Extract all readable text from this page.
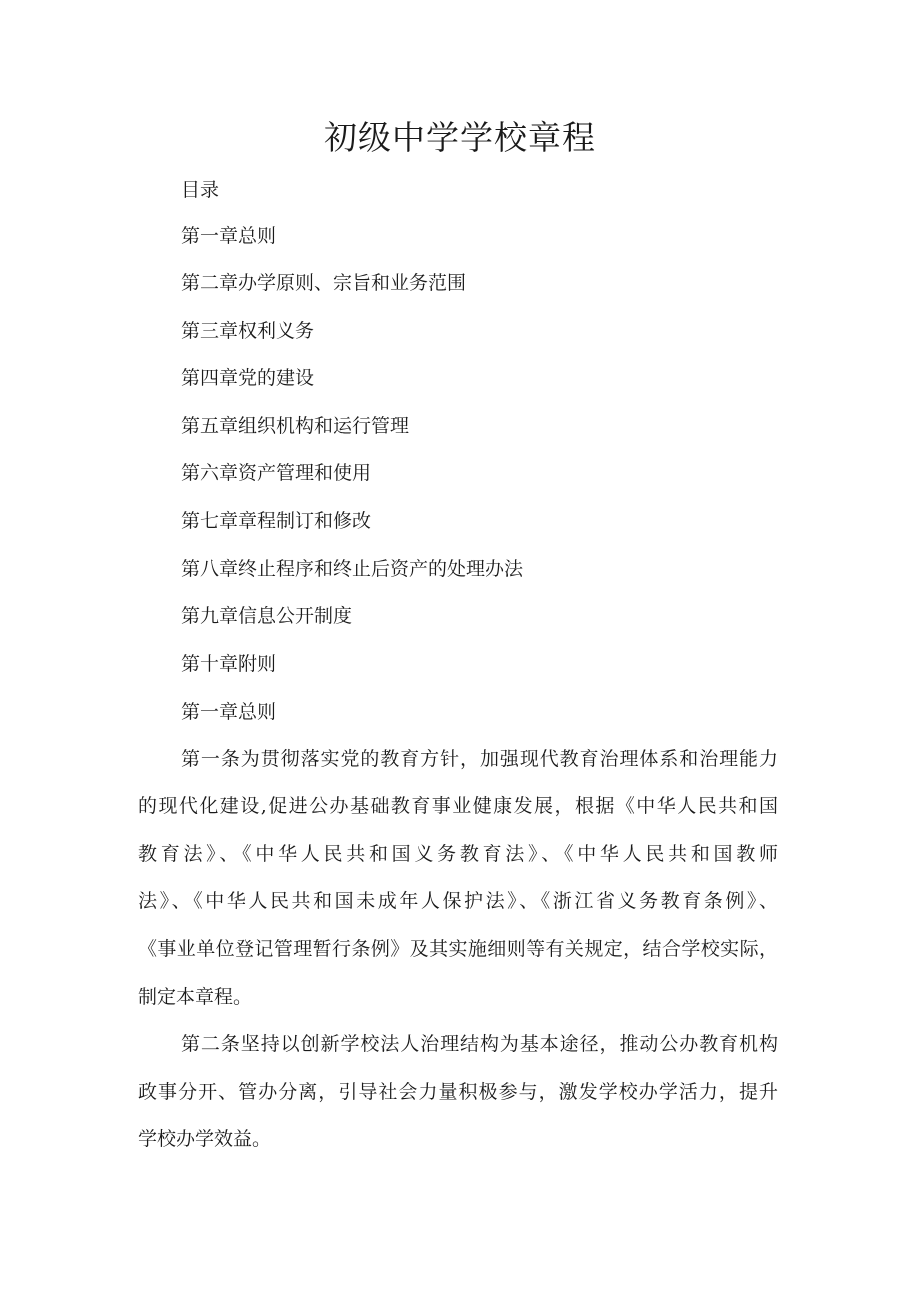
初级中学学校章程

目录

第一章总则

第二章办学原则、宗旨和业务范围

第三章权利义务

第四章党的建设

第五章组织机构和运行管理

第六章资产管理和使用

第七章章程制订和修改

第八章终止程序和终止后资产的处理办法

第九章信息公开制度

第十章附则

第一章总则

第一条为贯彻落实党的教育方针，加强现代教育治理体系和治理能力

的现代化建设,促进公办基础教育事业健康发展，根据《中华人民共和国

教育法》、《中华人民共和国义务教育法》、《中华人民共和国教师

法》、《中华人民共和国未成年人保护法》、《浙江省义务教育条例》、

《事业单位登记管理暂行条例》及其实施细则等有关规定，结合学校实际，

制定本章程。

第二条坚持以创新学校法人治理结构为基本途径，推动公办教育机构

政事分开、管办分离，引导社会力量积极参与，激发学校办学活力，提升

学校办学效益。
